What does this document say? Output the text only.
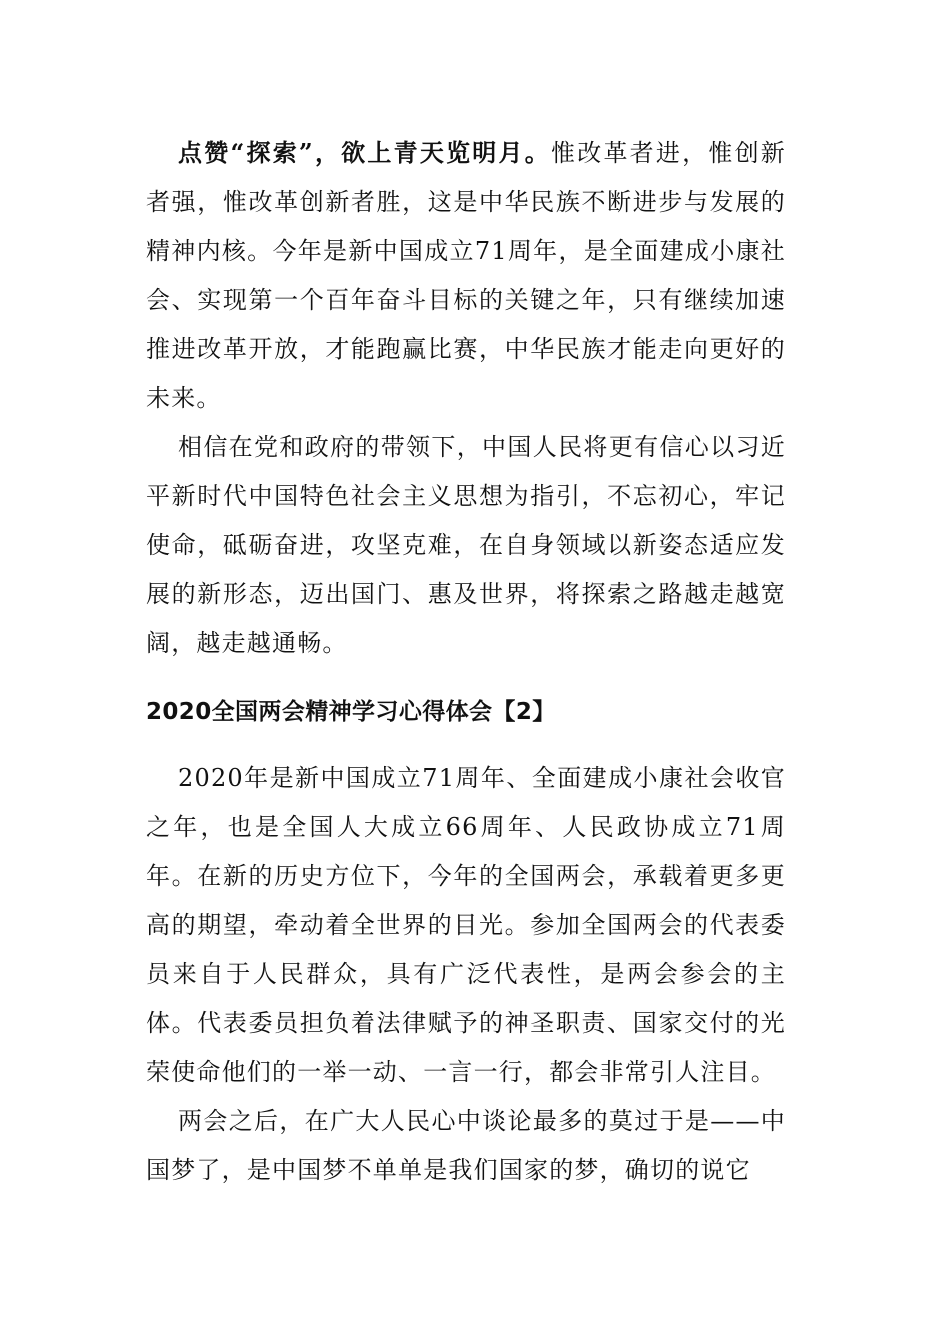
点赞“探索”，欲上青天览明月。惟改革者进，惟创新者强，惟改革创新者胜，这是中华民族不断进步与发展的精神内核。今年是新中国成立71周年，是全面建成小康社会、实现第一个百年奋斗目标的关键之年，只有继续加速推进改革开放，才能跑赢比赛，中华民族才能走向更好的未来。

相信在党和政府的带领下，中国人民将更有信心以习近平新时代中国特色社会主义思想为指引，不忘初心，牢记使命，砥砺奋进，攻坚克难，在自身领域以新姿态适应发展的新形态，迈出国门、惠及世界，将探索之路越走越宽阔，越走越通畅。

2020全国两会精神学习心得体会【2】

2020年是新中国成立71周年、全面建成小康社会收官之年，也是全国人大成立66周年、人民政协成立71周年。在新的历史方位下，今年的全国两会，承载着更多更高的期望，牵动着全世界的目光。参加全国两会的代表委员来自于人民群众，具有广泛代表性，是两会参会的主体。代表委员担负着法律赋予的神圣职责、国家交付的光荣使命他们的一举一动、一言一行，都会非常引人注目。

两会之后，在广大人民心中谈论最多的莫过于是——中国梦了，是中国梦不单单是我们国家的梦，确切的说它
